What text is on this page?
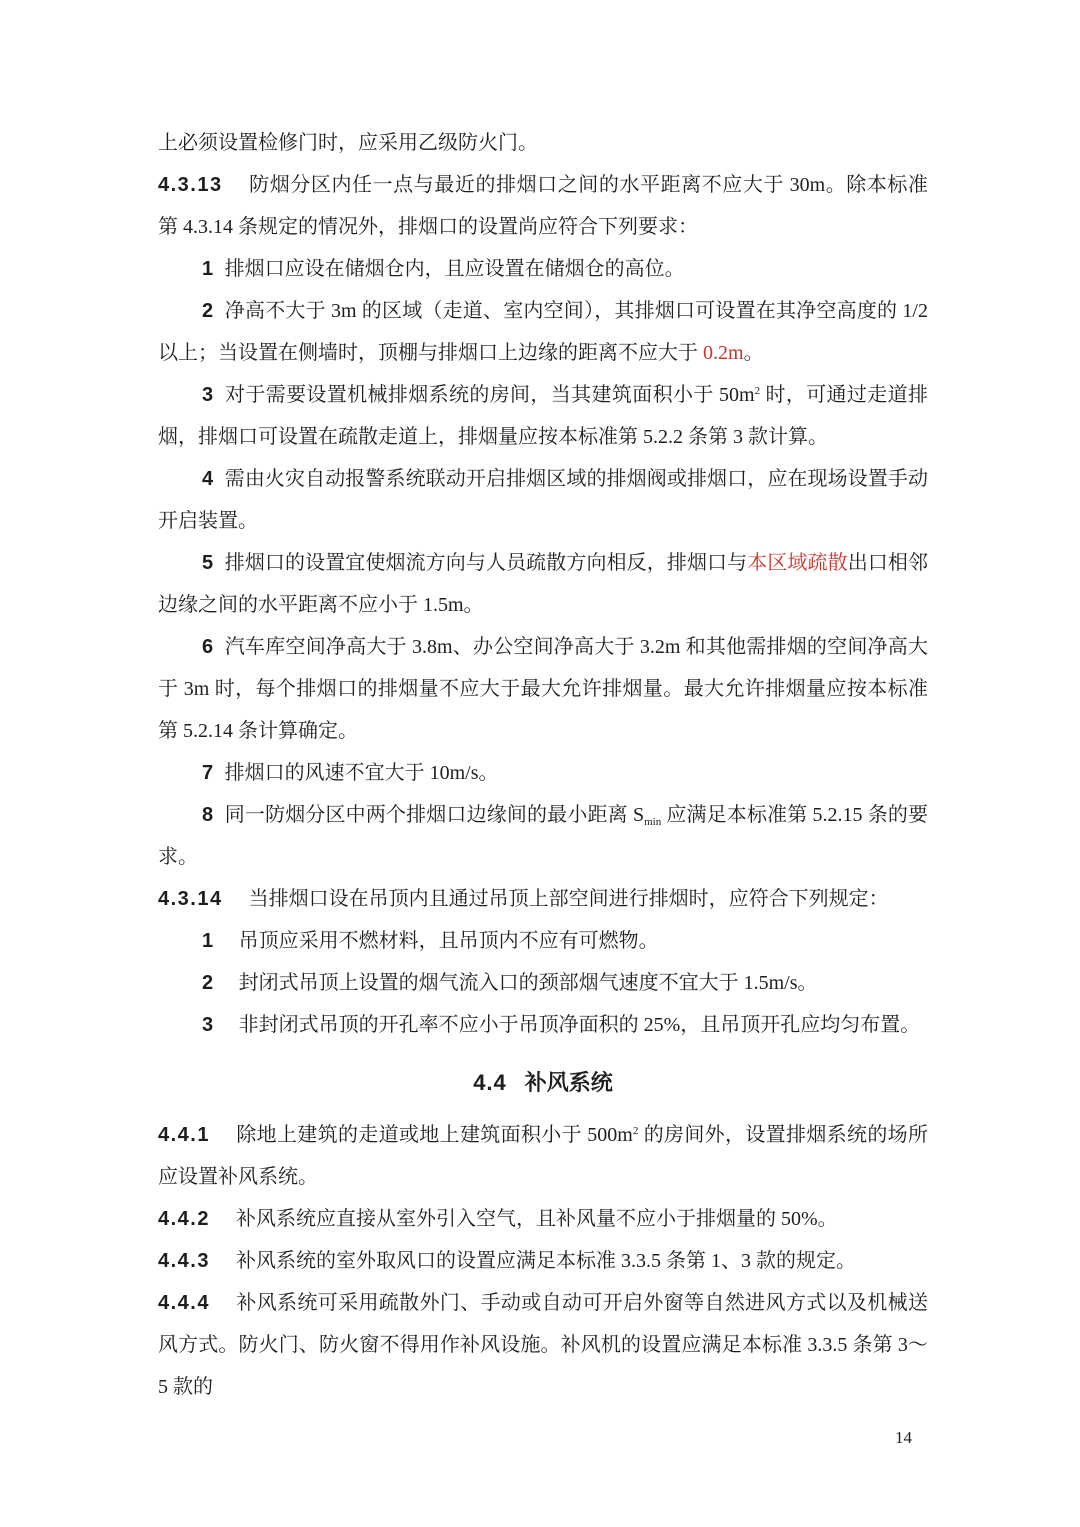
上必须设置检修门时，应采用乙级防火门。
4.3.13 防烟分区内任一点与最近的排烟口之间的水平距离不应大于 30m。除本标准第 4.3.14 条规定的情况外，排烟口的设置尚应符合下列要求：
1 排烟口应设在储烟仓内，且应设置在储烟仓的高位。
2 净高不大于 3m 的区域（走道、室内空间），其排烟口可设置在其净空高度的 1/2 以上；当设置在侧墙时，顶棚与排烟口上边缘的距离不应大于 0.2m。
3 对于需要设置机械排烟系统的房间，当其建筑面积小于 $50m^2$ 时，可通过走道排烟，排烟口可设置在疏散走道上，排烟量应按本标准第 5.2.2 条第 3 款计算。
4 需由火灾自动报警系统联动开启排烟区域的排烟阀或排烟口，应在现场设置手动开启装置。
5 排烟口的设置宜使烟流方向与人员疏散方向相反，排烟口与本区域疏散出口相邻边缘之间的水平距离不应小于 1.5m。
6 汽车库空间净高大于 3.8m、办公空间净高大于 3.2m 和其他需排烟的空间净高大于 3m 时，每个排烟口的排烟量不应大于最大允许排烟量。最大允许排烟量应按本标准第 5.2.14 条计算确定。
7 排烟口的风速不宜大于 10m/s。
8 同一防烟分区中两个排烟口边缘间的最小距离 $S_{min}$ 应满足本标准第 5.2.15 条的要求。
4.3.14 当排烟口设在吊顶内且通过吊顶上部空间进行排烟时，应符合下列规定：
1 吊顶应采用不燃材料，且吊顶内不应有可燃物。
2 封闭式吊顶上设置的烟气流入口的颈部烟气速度不宜大于 1.5m/s。
3 非封闭式吊顶的开孔率不应小于吊顶净面积的 25%，且吊顶开孔应均匀布置。
4.4 补风系统
4.4.1 除地上建筑的走道或地上建筑面积小于 $500m^2$ 的房间外，设置排烟系统的场所应设置补风系统。
4.4.2 补风系统应直接从室外引入空气，且补风量不应小于排烟量的 50%。
4.4.3 补风系统的室外取风口的设置应满足本标准 3.3.5 条第 1、3 款的规定。
4.4.4 补风系统可采用疏散外门、手动或自动可开启外窗等自然进风方式以及机械送风方式。防火门、防火窗不得用作补风设施。补风机的设置应满足本标准 3.3.5 条第 3～5 款的
14
